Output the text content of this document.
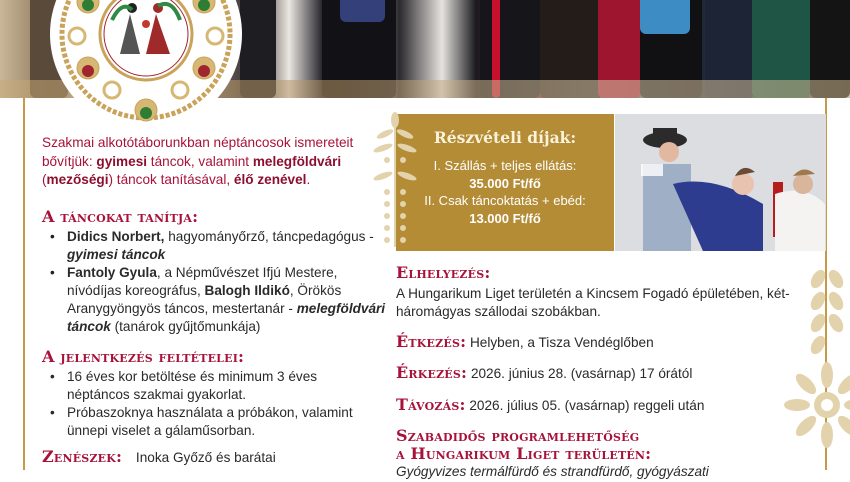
Szakmai alkotótáborunkban néptáncosok ismereteit bővítjük: gyimesi táncok, valamint melegföldvári (mezőségi) táncok tanításával, élő zenével.

A táncokat tanítja:
• Didics Norbert, hagyományőrző, táncpedagógus - gyimesi táncok
• Fantoly Gyula, a Népművészet Ifjú Mestere, nívódíjas koreográfus, Balogh Ildikó, Örökös Aranygyöngyös táncos, mestertanár - melegföldvári táncok (tanárok gyűjtőmunkája)
A jelentkezés feltételei:
• 16 éves kor betöltése és minimum 3 éves néptáncos szakmai gyakorlat.
• Próbaszoknya használata a próbákon, valamint ünnepi viselet a gálaműsorban.
Zenészek: Inoka Győző és barátai
Részvételi díjak:
I. Szállás + teljes ellátás:
35.000 Ft/fő
II. Csak táncoktatás + ebéd:
13.000 Ft/fő
Elhelyezés:
A Hungarikum Liget területén a Kincsem Fogadó épületében, két-háromágyas szállodai szobákban.
Étkezés: Helyben, a Tisza Vendéglőben
Érkezés: 2026. június 28. (vasárnap) 17 órától
Távozás: 2026. július 05. (vasárnap) reggeli után
Szabadidős programlehetőség
a Hungarikum Liget területén:
Gyógyvizes termálfürdő és strandfürdő, gyógyászati
